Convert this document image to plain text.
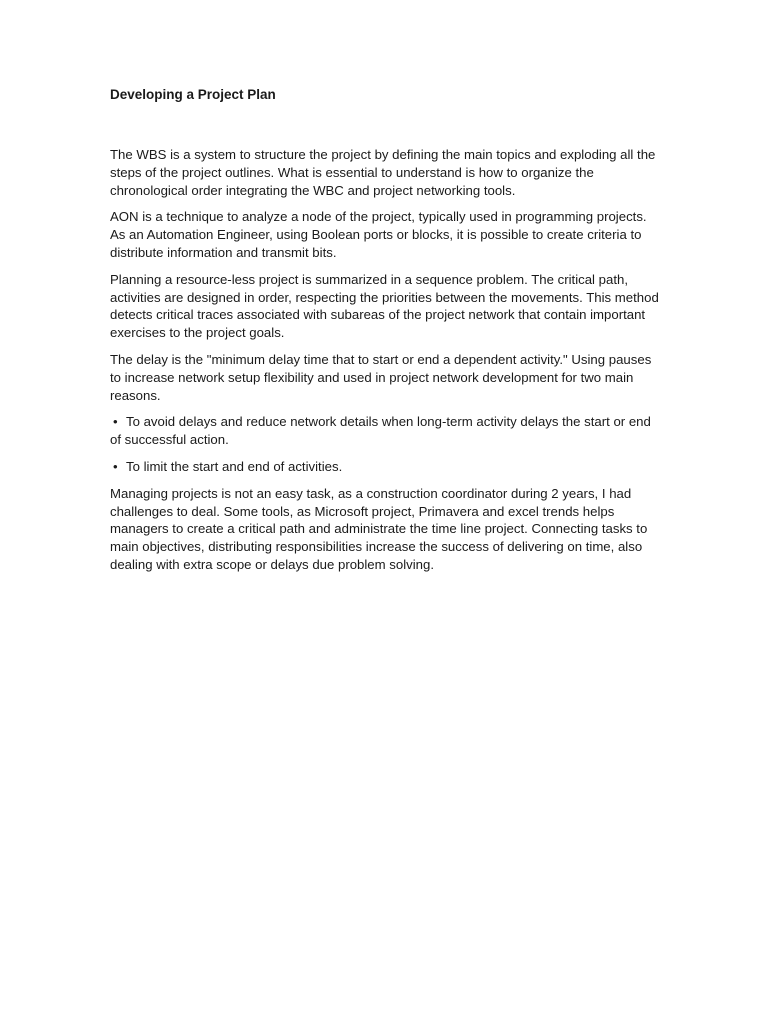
Developing a Project Plan

The WBS is a system to structure the project by defining the main topics and exploding all the steps of the project outlines. What is essential to understand is how to organize the chronological order integrating the WBC and project networking tools.

AON is a technique to analyze a node of the project, typically used in programming projects. As an Automation Engineer, using Boolean ports or blocks, it is possible to create criteria to distribute information and transmit bits.

Planning a resource-less project is summarized in a sequence problem. The critical path, activities are designed in order, respecting the priorities between the movements. This method detects critical traces associated with subareas of the project network that contain important exercises to the project goals.

The delay is the "minimum delay time that to start or end a dependent activity." Using pauses to increase network setup flexibility and used in project network development for two main reasons.

• To avoid delays and reduce network details when long-term activity delays the start or end of successful action.

• To limit the start and end of activities.

Managing projects is not an easy task, as a construction coordinator during 2 years, I had challenges to deal. Some tools, as Microsoft project, Primavera and excel trends helps managers to create a critical path and administrate the time line project. Connecting tasks to main objectives, distributing responsibilities increase the success of delivering on time, also dealing with extra scope or delays due problem solving.
